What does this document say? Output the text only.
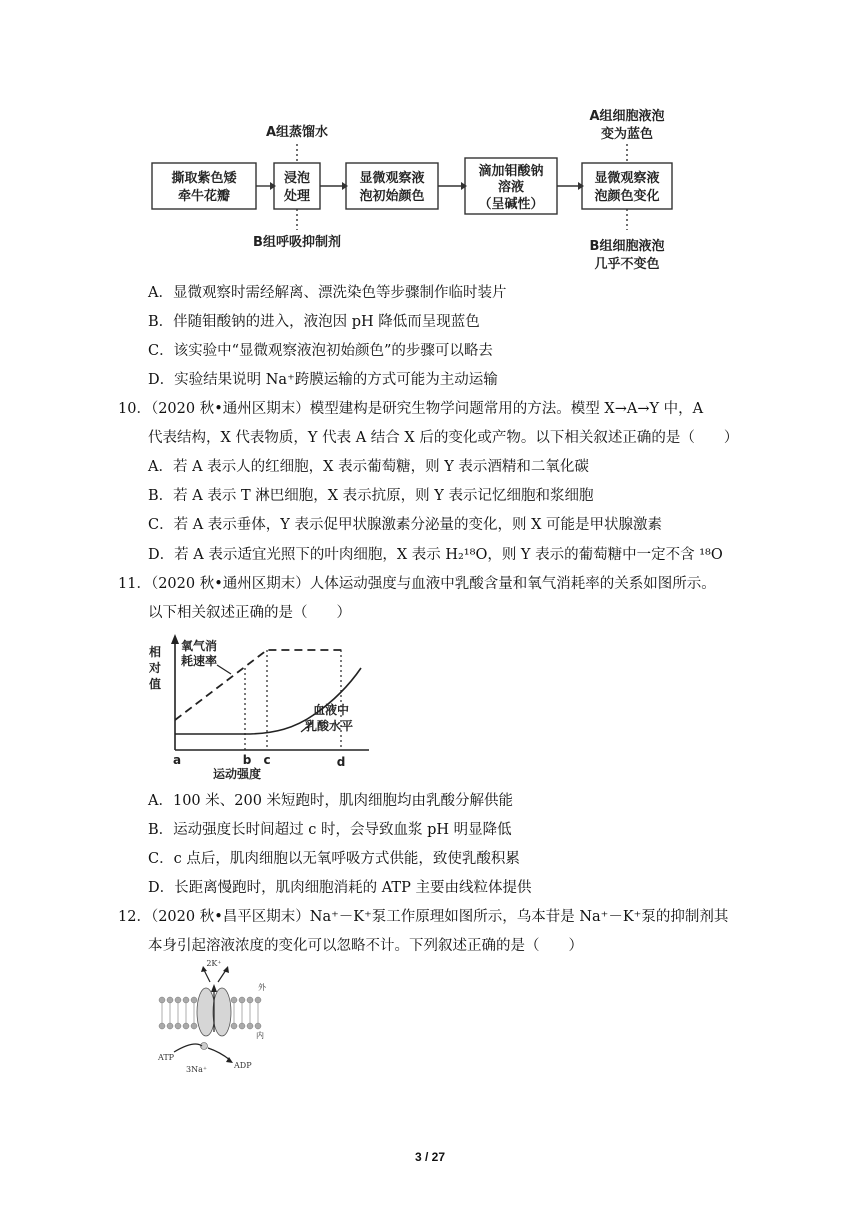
撕取紫色矮
牵牛花瓣
浸泡
处理
显微观察液
泡初始颜色
滴加钼酸钠
溶液
（呈碱性）
显微观察液
泡颜色变化
A组蒸馏水
B组呼吸抑制剂
A组细胞液泡
变为蓝色
B组细胞液泡
几乎不变色
A．显微观察时需经解离、漂洗染色等步骤制作临时装片
B．伴随钼酸钠的进入，液泡因 pH 降低而呈现蓝色
C．该实验中“显微观察液泡初始颜色”的步骤可以略去
D．实验结果说明 Na⁺跨膜运输的方式可能为主动运输
10．（2020 秋•通州区期末）模型建构是研究生物学问题常用的方法。模型 X→A→Y 中，A
代表结构，X 代表物质，Y 代表 A 结合 X 后的变化或产物。以下相关叙述正确的是（　　）
A．若 A 表示人的红细胞，X 表示葡萄糖，则 Y 表示酒精和二氧化碳
B．若 A 表示 T 淋巴细胞，X 表示抗原，则 Y 表示记忆细胞和浆细胞
C．若 A 表示垂体，Y 表示促甲状腺激素分泌量的变化，则 X 可能是甲状腺激素
D．若 A 表示适宜光照下的叶肉细胞，X 表示 H₂¹⁸O，则 Y 表示的葡萄糖中一定不含 ¹⁸O
11．（2020 秋•通州区期末）人体运动强度与血液中乳酸含量和氧气消耗率的关系如图所示。
以下相关叙述正确的是（　　）
相
对
值
氧气消
耗速率
血液中
乳酸水平
a	b c	d
运动强度
A．100 米、200 米短跑时，肌肉细胞均由乳酸分解供能
B．运动强度长时间超过 c 时，会导致血浆 pH 明显降低
C．c 点后，肌肉细胞以无氧呼吸方式供能，致使乳酸积累
D．长距离慢跑时，肌肉细胞消耗的 ATP 主要由线粒体提供
12．（2020 秋•昌平区期末）Na⁺－K⁺泵工作原理如图所示，乌本苷是 Na⁺－K⁺泵的抑制剂其
本身引起溶液浓度的变化可以忽略不计。下列叙述正确的是（　　）
2K⁺
外
内
ATP
ADP
3Na⁺
3 / 27
